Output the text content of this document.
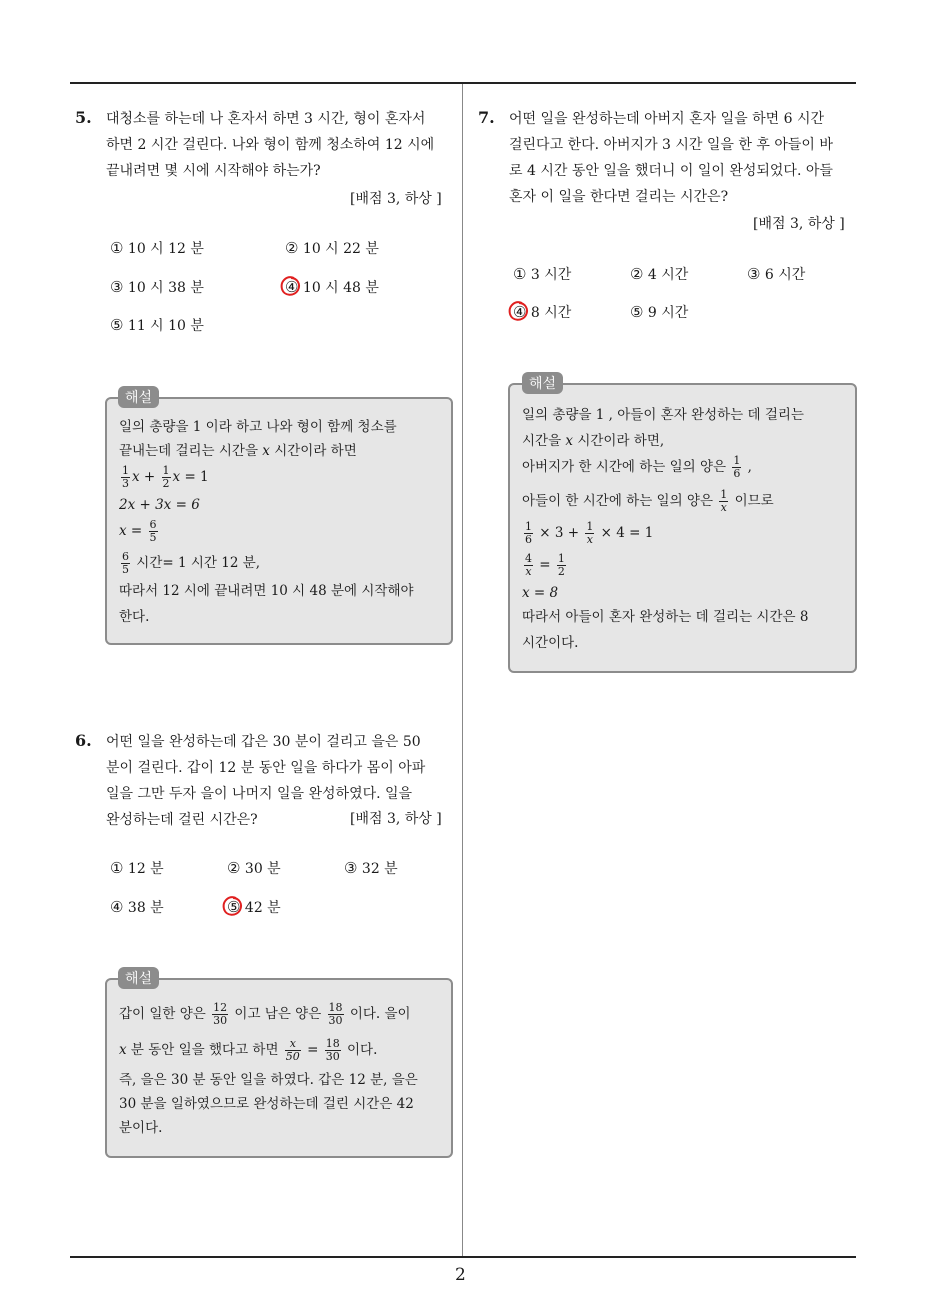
5. 대청소를 하는데 나 혼자서 하면 3 시간, 형이 혼자서
하면 2 시간 걸린다. 나와 형이 함께 청소하여 12 시에
끝내려면 몇 시에 시작해야 하는가?
[배점 3, 하상 ]
① 10 시 12 분	② 10 시 22 분
③ 10 시 38 분	④ 10 시 48 분
⑤ 11 시 10 분
일의 총량을 1 이라 하고 나와 형이 함께 청소를
끝내는데 걸리는 시간을 x 시간이라 하면
$\frac{1}{3}$ $x + \frac{1}{2}$ x = 1
2x + 3x = 6
$x = \frac{6}{5}$
$\frac{6}{5}$ 시간= 1 시간 12 분,
따라서 12 시에 끝내려면 10 시 48 분에 시작해야
한다.
해설
6. 어떤 일을 완성하는데 갑은 30 분이 걸리고 을은 50
분이 걸린다. 갑이 12 분 동안 일을 하다가 몸이 아파
일을 그만 두자 을이 나머지 일을 완성하였다. 일을
완성하는데 걸린 시간은?	[배점 3, 하상 ]
① 12 분	② 30 분	③ 32 분
④ 38 분	⑤ 42 분
갑이 일한 양은 $\frac{12}{30}$ 이고 남은 양은 $\frac{18}{30}$ 이다. 을이
x 분 동안 일을 했다고 하면 $\frac{x}{50} = \frac{18}{30}$ 이다.
즉, 을은 30 분 동안 일을 하였다. 갑은 12 분, 을은
30 분을 일하였으므로 완성하는데 걸린 시간은 42
분이다.
해설
7. 어떤 일을 완성하는데 아버지 혼자 일을 하면 6 시간
걸린다고 한다. 아버지가 3 시간 일을 한 후 아들이 바
로 4 시간 동안 일을 했더니 이 일이 완성되었다. 아들
혼자 이 일을 한다면 걸리는 시간은?
[배점 3, 하상 ]
① 3 시간	② 4 시간	③ 6 시간
④ 8 시간	⑤ 9 시간
일의 총량을 1 , 아들이 혼자 완성하는 데 걸리는
시간을 x 시간이라 하면,
아버지가 한 시간에 하는 일의 양은 $\frac{1}{6}$ ,
아들이 한 시간에 하는 일의 양은 $\frac{1}{x}$ 이므로
$\frac{1}{6} \times 3 + \frac{1}{x} \times 4 = 1$
$\frac{4}{x} = \frac{1}{2}$
x = 8
따라서 아들이 혼자 완성하는 데 걸리는 시간은 8
시간이다.
해설
2
